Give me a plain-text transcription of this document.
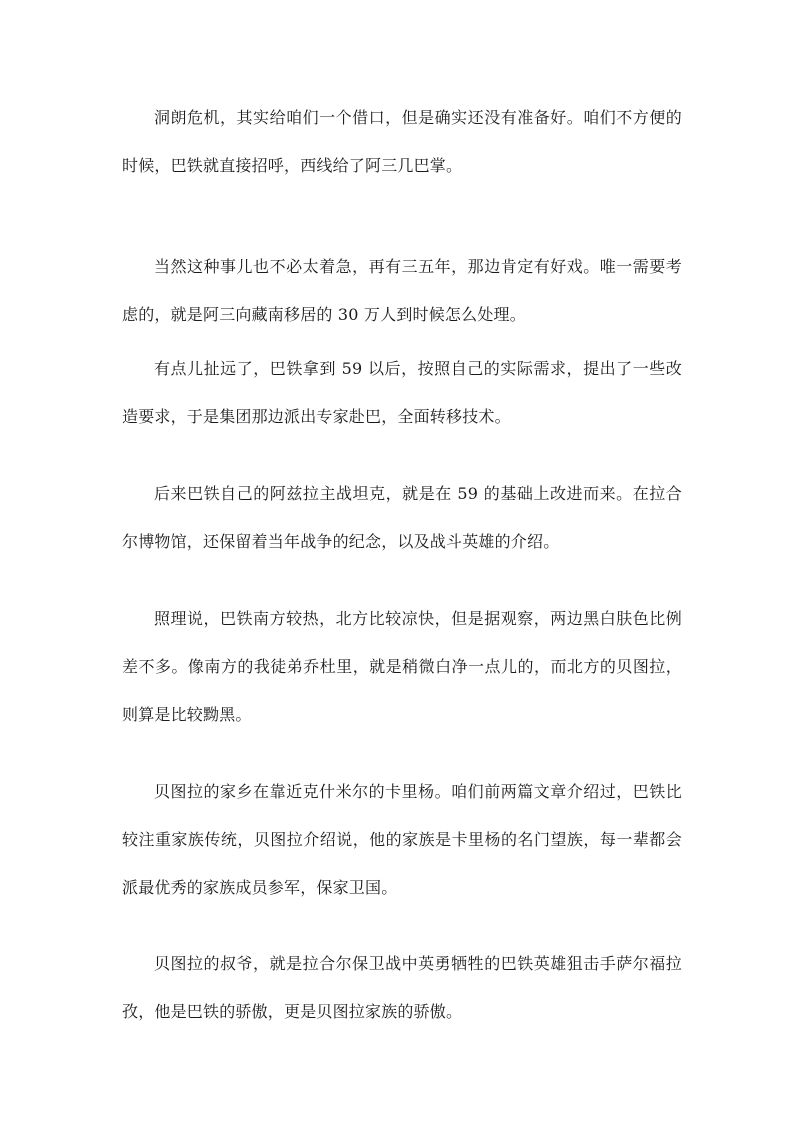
洞朗危机，其实给咱们一个借口，但是确实还没有准备好。咱们不方便的时候，巴铁就直接招呼，西线给了阿三几巴掌。

当然这种事儿也不必太着急，再有三五年，那边肯定有好戏。唯一需要考虑的，就是阿三向藏南移居的 30 万人到时候怎么处理。

有点儿扯远了，巴铁拿到 59 以后，按照自己的实际需求，提出了一些改造要求，于是集团那边派出专家赴巴，全面转移技术。

后来巴铁自己的阿兹拉主战坦克，就是在 59 的基础上改进而来。在拉合尔博物馆，还保留着当年战争的纪念，以及战斗英雄的介绍。

照理说，巴铁南方较热，北方比较凉快，但是据观察，两边黑白肤色比例差不多。像南方的我徒弟乔杜里，就是稍微白净一点儿的，而北方的贝图拉，则算是比较黝黑。

贝图拉的家乡在靠近克什米尔的卡里杨。咱们前两篇文章介绍过，巴铁比较注重家族传统，贝图拉介绍说，他的家族是卡里杨的名门望族，每一辈都会派最优秀的家族成员参军，保家卫国。

贝图拉的叔爷，就是拉合尔保卫战中英勇牺牲的巴铁英雄狙击手萨尔福拉孜，他是巴铁的骄傲，更是贝图拉家族的骄傲。
